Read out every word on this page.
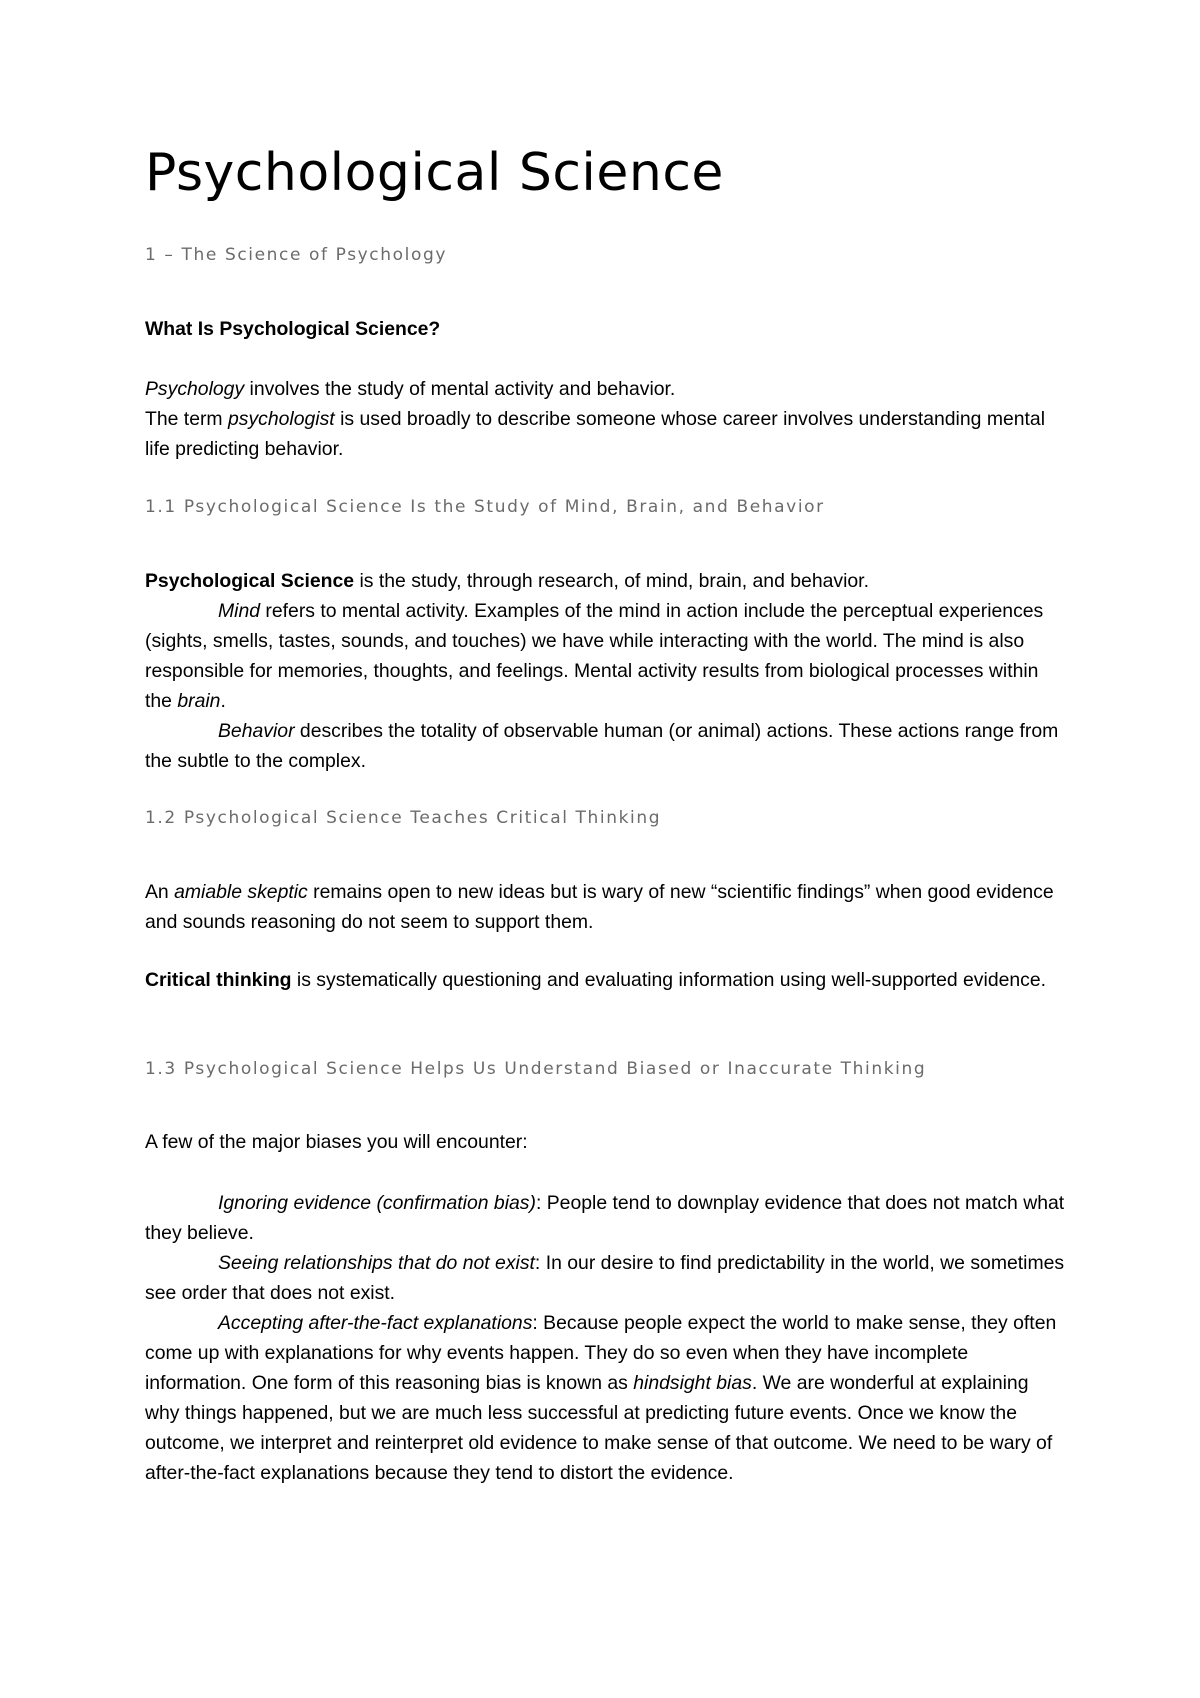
Psychological Science
1 – The Science of Psychology

What Is Psychological Science?

Psychology involves the study of mental activity and behavior.

The term psychologist is used broadly to describe someone whose career involves understanding mental life predicting behavior.

1.1 Psychological Science Is the Study of Mind, Brain, and Behavior

Psychological Science is the study, through research, of mind, brain, and behavior.

Mind refers to mental activity. Examples of the mind in action include the perceptual experiences (sights, smells, tastes, sounds, and touches) we have while interacting with the world. The mind is also responsible for memories, thoughts, and feelings. Mental activity results from biological processes within the brain.

Behavior describes the totality of observable human (or animal) actions. These actions range from the subtle to the complex.

1.2 Psychological Science Teaches Critical Thinking

An amiable skeptic remains open to new ideas but is wary of new “scientific findings” when good evidence and sounds reasoning do not seem to support them.

Critical thinking is systematically questioning and evaluating information using well-supported evidence.

1.3 Psychological Science Helps Us Understand Biased or Inaccurate Thinking

A few of the major biases you will encounter:

Ignoring evidence (confirmation bias): People tend to downplay evidence that does not match what they believe.

Seeing relationships that do not exist: In our desire to find predictability in the world, we sometimes see order that does not exist.

Accepting after-the-fact explanations: Because people expect the world to make sense, they often come up with explanations for why events happen. They do so even when they have incomplete information. One form of this reasoning bias is known as hindsight bias. We are wonderful at explaining why things happened, but we are much less successful at predicting future events. Once we know the outcome, we interpret and reinterpret old evidence to make sense of that outcome. We need to be wary of after-the-fact explanations because they tend to distort the evidence.
